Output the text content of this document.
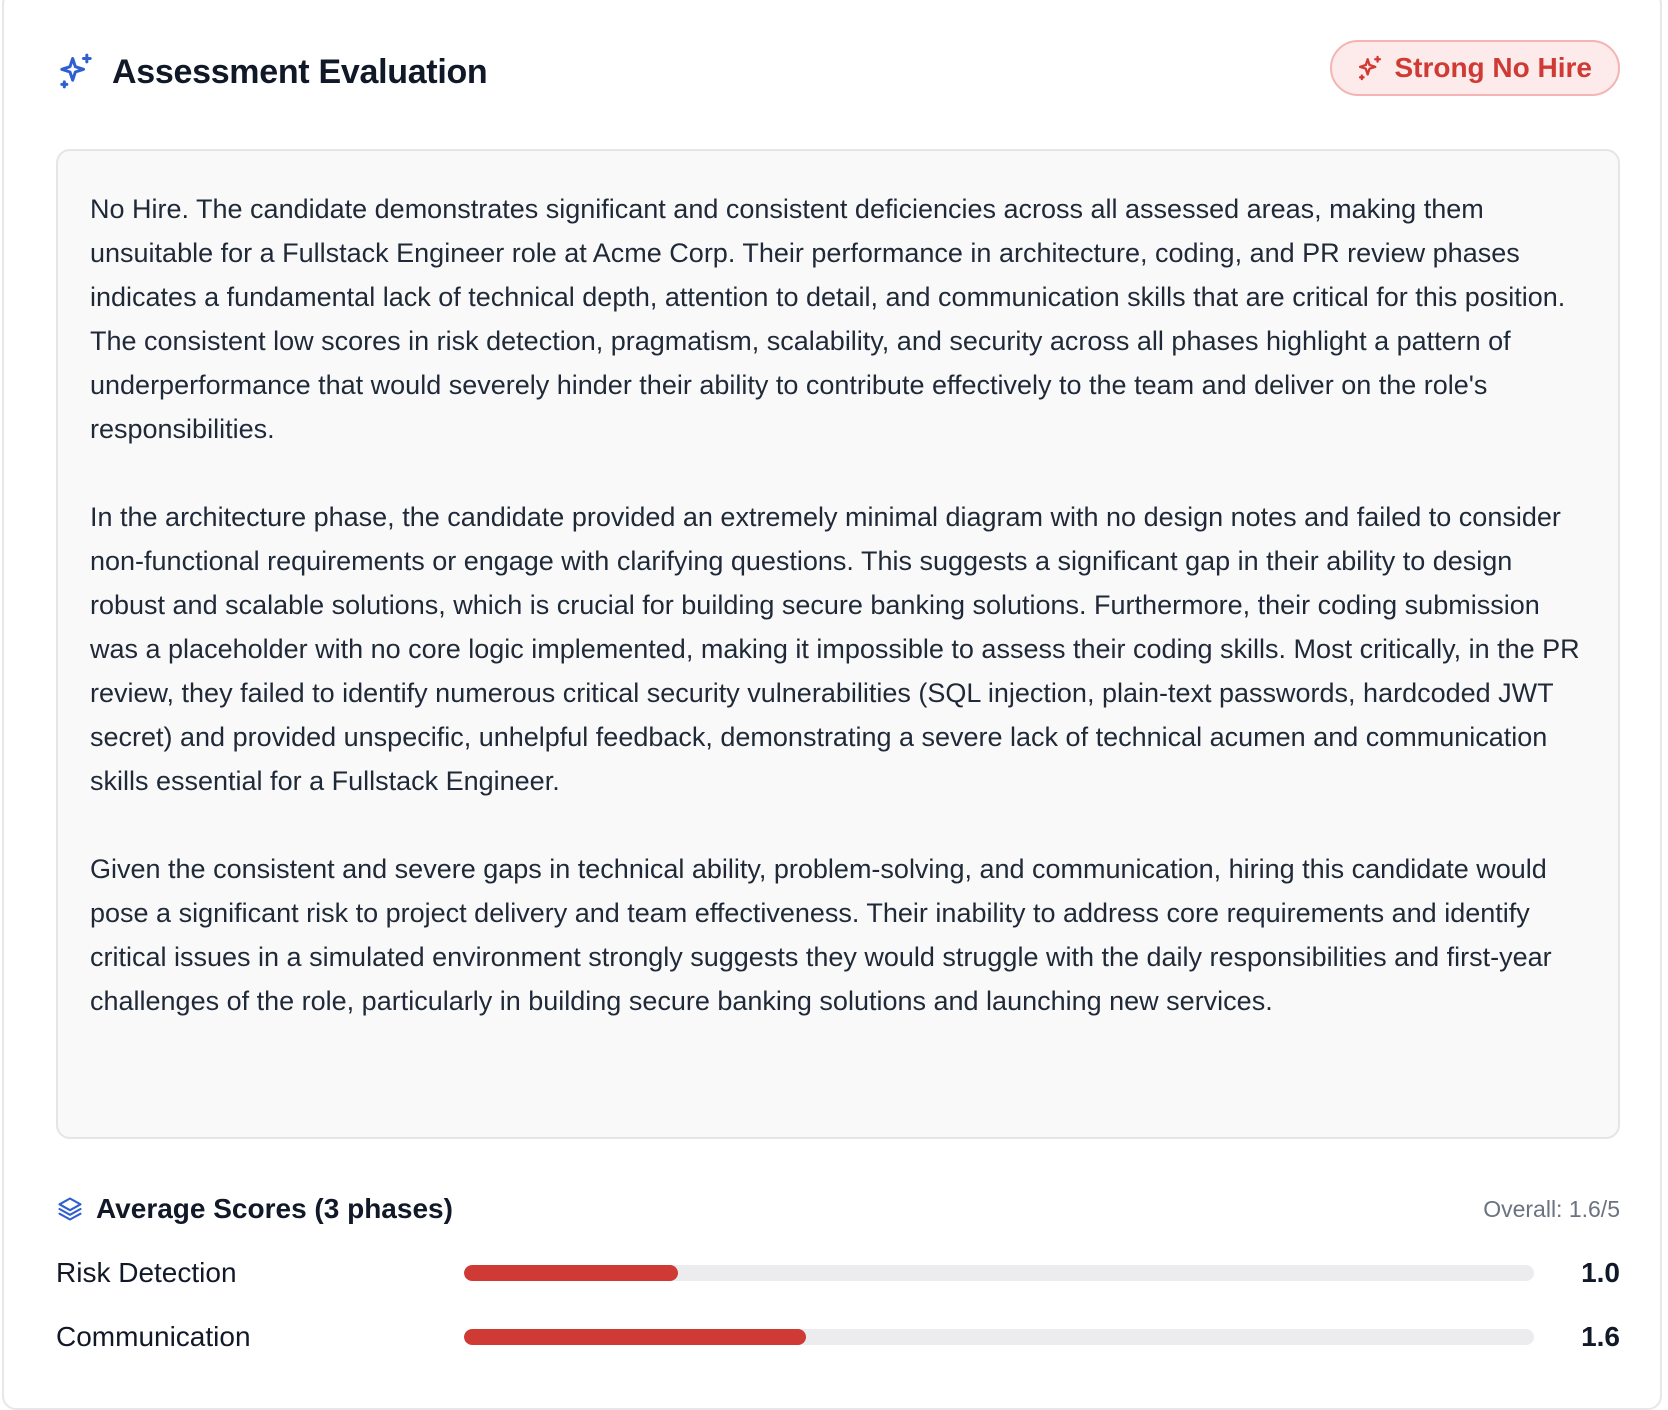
Assessment Evaluation	Strong No Hire

No Hire. The candidate demonstrates significant and consistent deficiencies across all assessed areas, making them unsuitable for a Fullstack Engineer role at Acme Corp. Their performance in architecture, coding, and PR review phases indicates a fundamental lack of technical depth, attention to detail, and communication skills that are critical for this position. The consistent low scores in risk detection, pragmatism, scalability, and security across all phases highlight a pattern of underperformance that would severely hinder their ability to contribute effectively to the team and deliver on the role's responsibilities.

In the architecture phase, the candidate provided an extremely minimal diagram with no design notes and failed to consider non-functional requirements or engage with clarifying questions. This suggests a significant gap in their ability to design robust and scalable solutions, which is crucial for building secure banking solutions. Furthermore, their coding submission was a placeholder with no core logic implemented, making it impossible to assess their coding skills. Most critically, in the PR review, they failed to identify numerous critical security vulnerabilities (SQL injection, plain-text passwords, hardcoded JWT secret) and provided unspecific, unhelpful feedback, demonstrating a severe lack of technical acumen and communication skills essential for a Fullstack Engineer.

Given the consistent and severe gaps in technical ability, problem-solving, and communication, hiring this candidate would pose a significant risk to project delivery and team effectiveness. Their inability to address core requirements and identify critical issues in a simulated environment strongly suggests they would struggle with the daily responsibilities and first-year challenges of the role, particularly in building secure banking solutions and launching new services.

Average Scores (3 phases)	Overall: 1.6/5
Risk Detection	1.0
Communication	1.6
